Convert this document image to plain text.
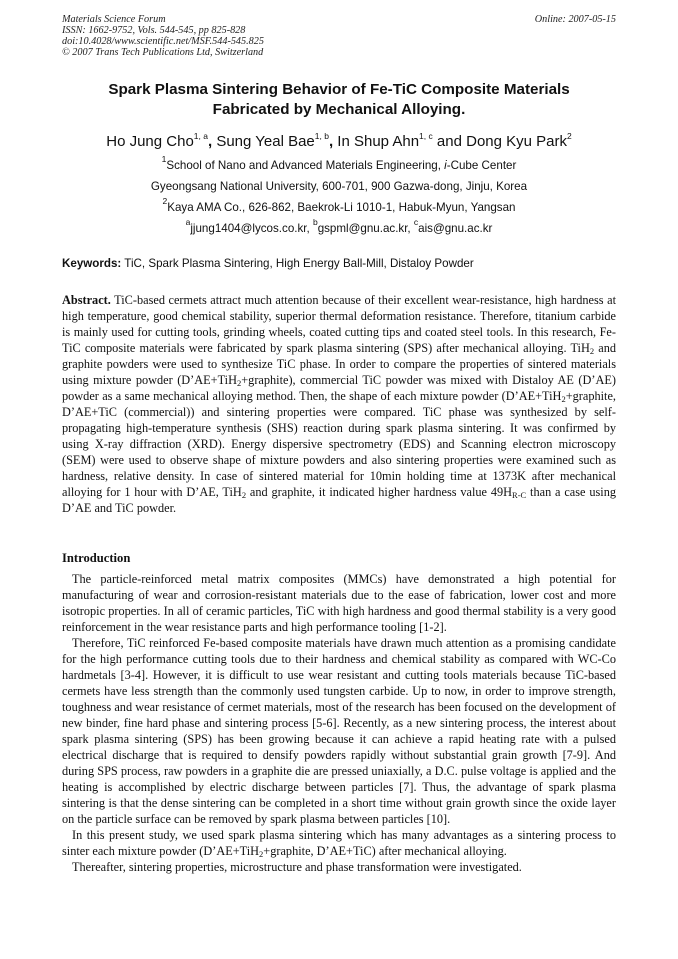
Materials Science Forum
ISSN: 1662-9752, Vols. 544-545, pp 825-828
doi:10.4028/www.scientific.net/MSF.544-545.825
© 2007 Trans Tech Publications Ltd, Switzerland
Online: 2007-05-15
Spark Plasma Sintering Behavior of Fe-TiC Composite Materials
Fabricated by Mechanical Alloying.
Ho Jung Cho$^{1, a}$, Sung Yeal Bae$^{1, b}$, In Shup Ahn$^{1, c}$ and Dong Kyu Park$^2$
$^1$School of Nano and Advanced Materials Engineering, i-Cube Center
Gyeongsang National University, 600-701, 900 Gazwa-dong, Jinju, Korea
$^2$Kaya AMA Co., 626-862, Baekrok-Li 1010-1, Habuk-Myun, Yangsan
$^a$jjung1404@lycos.co.kr, $^b$gspml@gnu.ac.kr, $^c$ais@gnu.ac.kr
Keywords: TiC, Spark Plasma Sintering, High Energy Ball-Mill, Distaloy Powder
Abstract. TiC-based cermets attract much attention because of their excellent wear-resistance, high hardness at high temperature, good chemical stability, superior thermal deformation resistance. Therefore, titanium carbide is mainly used for cutting tools, grinding wheels, coated cutting tips and coated steel tools. In this research, Fe-TiC composite materials were fabricated by spark plasma sintering (SPS) after mechanical alloying. TiH$_2$ and graphite powders were used to synthesize TiC phase. In order to compare the properties of sintered materials using mixture powder (D’AE+TiH$_2$+graphite), commercial TiC powder was mixed with Distaloy AE (D’AE) powder as a same mechanical alloying method. Then, the shape of each mixture powder (D’AE+TiH$_2$+graphite, D’AE+TiC (commercial)) and sintering properties were compared. TiC phase was synthesized by self-propagating high-temperature synthesis (SHS) reaction during spark plasma sintering. It was confirmed by using X-ray diffraction (XRD). Energy dispersive spectrometry (EDS) and Scanning electron microscopy (SEM) were used to observe shape of mixture powders and also sintering properties were examined such as hardness, relative density. In case of sintered material for 10min holding time at 1373K after mechanical alloying for 1 hour with D’AE, TiH$_2$ and graphite, it indicated higher hardness value $49H_{R-C}$ than a case using D’AE and TiC powder.
Introduction

The particle-reinforced metal matrix composites (MMCs) have demonstrated a high potential for manufacturing of wear and corrosion-resistant materials due to the ease of fabrication, lower cost and more isotropic properties. In all of ceramic particles, TiC with high hardness and good thermal stability is a very good reinforcement in the wear resistance parts and high performance tooling [1-2].

Therefore, TiC reinforced Fe-based composite materials have drawn much attention as a promising candidate for the high performance cutting tools due to their hardness and chemical stability as compared with WC-Co hardmetals [3-4]. However, it is difficult to use wear resistant and cutting tools materials because TiC-based cermets have less strength than the commonly used tungsten carbide. Up to now, in order to improve strength, toughness and wear resistance of cermet materials, most of the research has been focused on the development of new binder, fine hard phase and sintering process [5-6]. Recently, as a new sintering process, the interest about spark plasma sintering (SPS) has been growing because it can achieve a rapid heating rate with a pulsed electrical discharge that is required to densify powders rapidly without substantial grain growth [7-9]. And during SPS process, raw powders in a graphite die are pressed uniaxially, a D.C. pulse voltage is applied and the heating is accomplished by electric discharge between particles [7]. Thus, the advantage of spark plasma sintering is that the dense sintering can be completed in a short time without grain growth since the oxide layer on the particle surface can be removed by spark plasma between particles [10].

In this present study, we used spark plasma sintering which has many advantages as a sintering process to sinter each mixture powder (D’AE+TiH$_2$+graphite, D’AE+TiC) after mechanical alloying.

Thereafter, sintering properties, microstructure and phase transformation were investigated.
